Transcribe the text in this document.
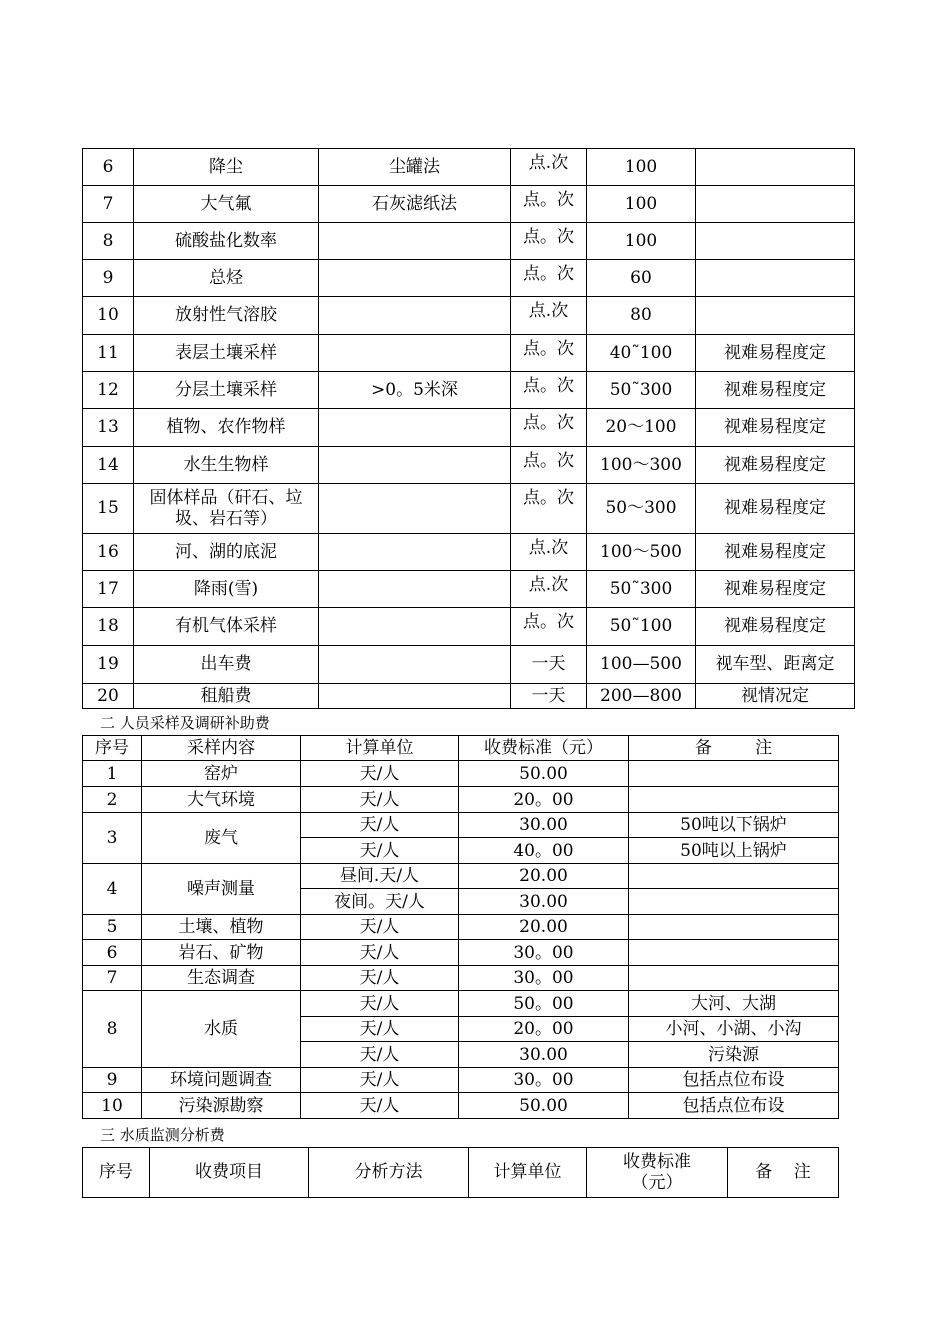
6	降尘	尘罐法	点.次	100	
7	大气氟	石灰滤纸法	点。次	100	
8	硫酸盐化数率		点。次	100	
9	总烃		点。次	60	
10	放射性气溶胶		点.次	80	
11	表层土壤采样		点。次	40˜100	视难易程度定
12	分层土壤采样	>0。5米深	点。次	50˜300	视难易程度定
13	植物、农作物样		点。次	20～100	视难易程度定
14	水生生物样		点。次	100～300	视难易程度定
15	固体样品（矸石、垃圾、岩石等）		点。次	50～300	视难易程度定
16	河、湖的底泥		点.次	100～500	视难易程度定
17	降雨(雪)		点.次	50˜300	视难易程度定
18	有机气体采样		点。次	50˜100	视难易程度定
19	出车费		一天	100—500	视车型、距离定
20	租船费		一天	200—800	视情况定
二 人员采样及调研补助费
序号	采样内容	计算单位	收费标准（元）	备        注
1	窑炉	天/人	50.00	
2	大气环境	天/人	20。00	
3	废气	天/人	30.00	50吨以下锅炉
		天/人	40。00	50吨以上锅炉
4	噪声测量	昼间.天/人	20.00	
		夜间。天/人	30.00	
5	土壤、植物	天/人	20.00	
6	岩石、矿物	天/人	30。00	
7	生态调查	天/人	30。00	
8	水质	天/人	50。00	大河、大湖
		天/人	20。00	小河、小湖、小沟
		天/人	30.00	污染源
9	环境问题调查	天/人	30。00	包括点位布设
10	污染源勘察	天/人	50.00	包括点位布设
三 水质监测分析费
序号	收费项目	分析方法	计算单位	收费标准（元）	备    注
